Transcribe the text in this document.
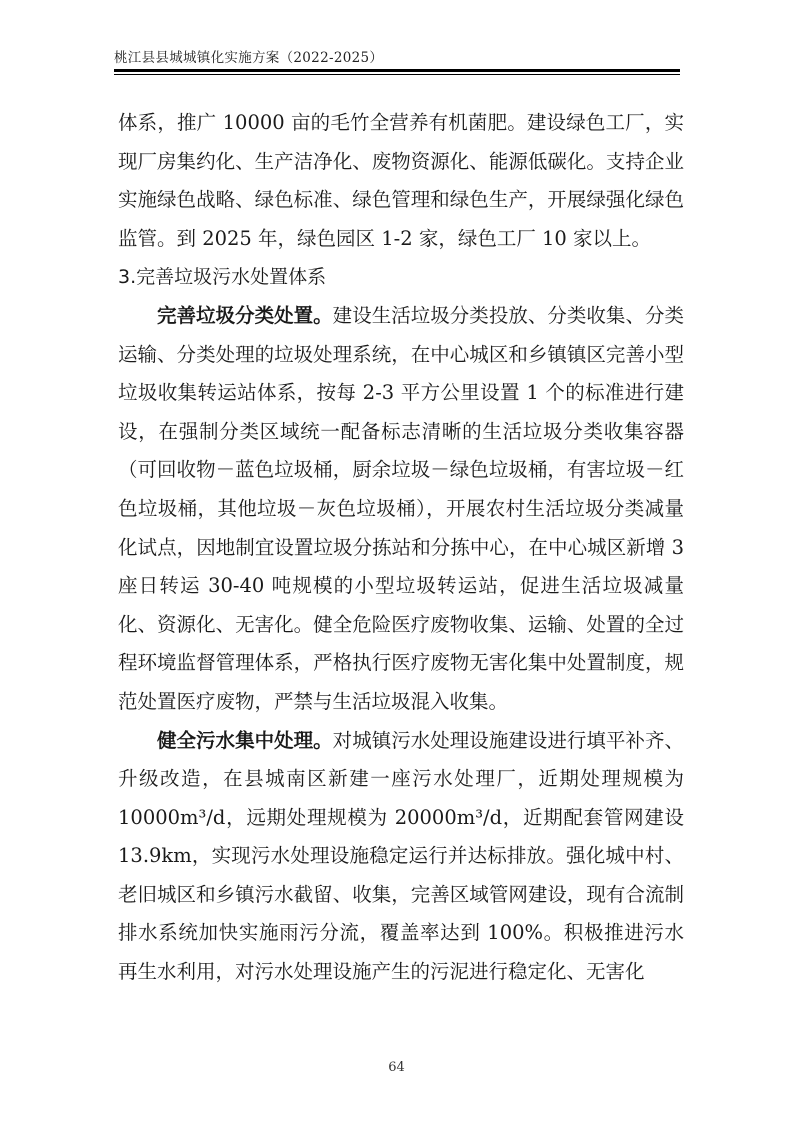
桃江县县城城镇化实施方案（2022-2025）

体系，推广 10000 亩的毛竹全营养有机菌肥。建设绿色工厂，实现厂房集约化、生产洁净化、废物资源化、能源低碳化。支持企业实施绿色战略、绿色标准、绿色管理和绿色生产，开展绿强化绿色监管。到 2025 年，绿色园区 1-2 家，绿色工厂 10 家以上。

3.完善垃圾污水处置体系

完善垃圾分类处置。建设生活垃圾分类投放、分类收集、分类运输、分类处理的垃圾处理系统，在中心城区和乡镇镇区完善小型垃圾收集转运站体系，按每 2-3 平方公里设置 1 个的标准进行建设，在强制分类区域统一配备标志清晰的生活垃圾分类收集容器（可回收物－蓝色垃圾桶，厨余垃圾－绿色垃圾桶，有害垃圾－红色垃圾桶，其他垃圾－灰色垃圾桶），开展农村生活垃圾分类减量化试点，因地制宜设置垃圾分拣站和分拣中心，在中心城区新增 3 座日转运 30-40 吨规模的小型垃圾转运站，促进生活垃圾减量化、资源化、无害化。健全危险医疗废物收集、运输、处置的全过程环境监督管理体系，严格执行医疗废物无害化集中处置制度，规范处置医疗废物，严禁与生活垃圾混入收集。

健全污水集中处理。对城镇污水处理设施建设进行填平补齐、升级改造，在县城南区新建一座污水处理厂，近期处理规模为 10000m³/d，远期处理规模为 20000m³/d，近期配套管网建设 13.9km，实现污水处理设施稳定运行并达标排放。强化城中村、老旧城区和乡镇污水截留、收集，完善区域管网建设，现有合流制排水系统加快实施雨污分流，覆盖率达到 100%。积极推进污水再生水利用，对污水处理设施产生的污泥进行稳定化、无害化

64
